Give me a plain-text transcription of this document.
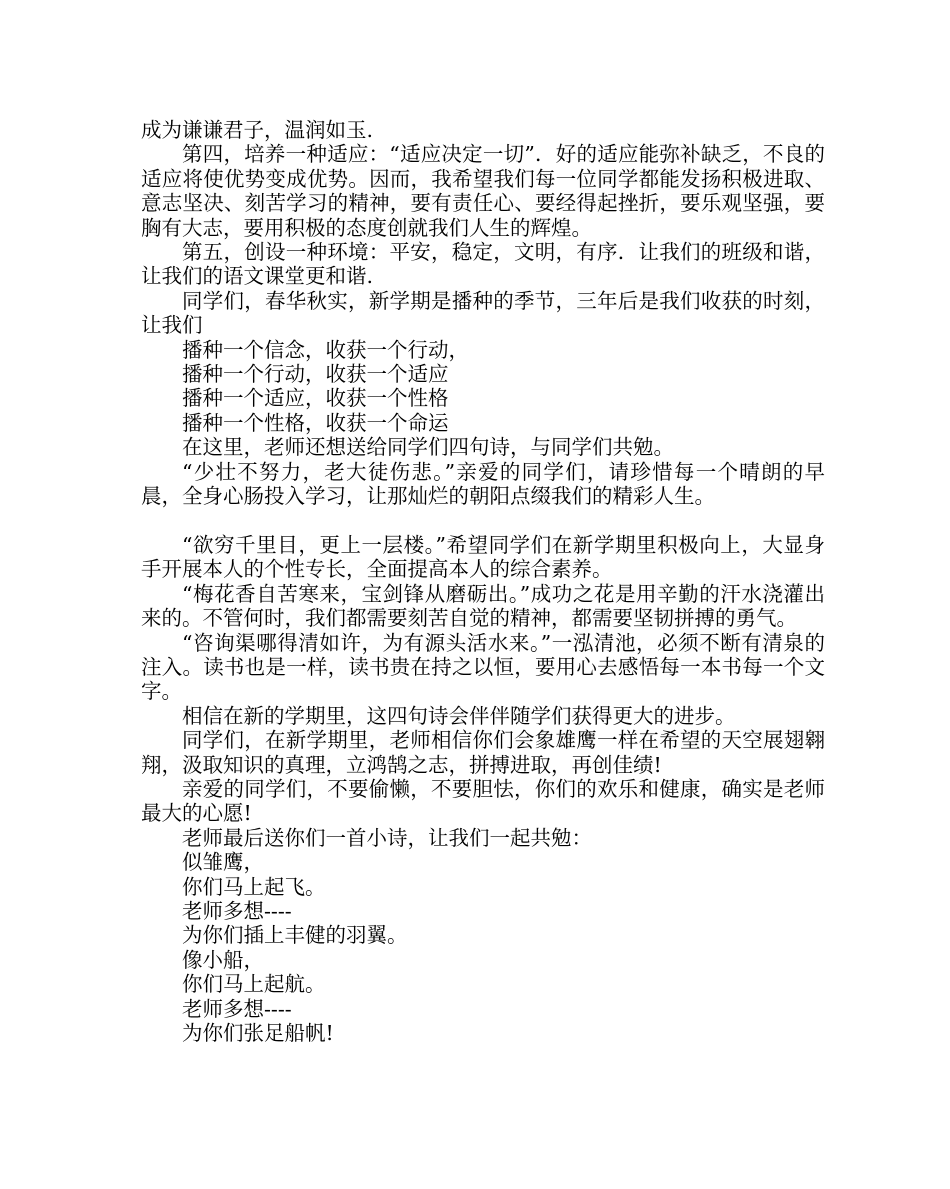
成为谦谦君子，温润如玉.

第四，培养一种适应：“适应决定一切”．好的适应能弥补缺乏，不良的适应将使优势变成优势。因而，我希望我们每一位同学都能发扬积极进取、意志坚决、刻苦学习的精神，要有责任心、要经得起挫折，要乐观坚强，要胸有大志，要用积极的态度创就我们人生的辉煌。

第五，创设一种环境：平安，稳定，文明，有序．让我们的班级和谐，让我们的语文课堂更和谐.

同学们，春华秋实，新学期是播种的季节，三年后是我们收获的时刻，让我们

播种一个信念，收获一个行动，

播种一个行动，收获一个适应

播种一个适应，收获一个性格

播种一个性格，收获一个命运

在这里，老师还想送给同学们四句诗，与同学们共勉。

“少壮不努力，老大徒伤悲。”亲爱的同学们，请珍惜每一个晴朗的早晨，全身心肠投入学习，让那灿烂的朝阳点缀我们的精彩人生。

“欲穷千里目，更上一层楼。”希望同学们在新学期里积极向上，大显身手开展本人的个性专长，全面提高本人的综合素养。

“梅花香自苦寒来，宝剑锋从磨砺出。”成功之花是用辛勤的汗水浇灌出来的。不管何时，我们都需要刻苦自觉的精神，都需要坚韧拼搏的勇气。

“咨询渠哪得清如许，为有源头活水来。”一泓清池，必须不断有清泉的注入。读书也是一样，读书贵在持之以恒，要用心去感悟每一本书每一个文字。

相信在新的学期里，这四句诗会伴伴随学们获得更大的进步。

同学们，在新学期里，老师相信你们会象雄鹰一样在希望的天空展翅翱翔，汲取知识的真理，立鸿鹄之志，拼搏进取，再创佳绩!

亲爱的同学们，不要偷懒，不要胆怯，你们的欢乐和健康，确实是老师最大的心愿!

老师最后送你们一首小诗，让我们一起共勉：

似雏鹰，

你们马上起飞。

老师多想----

为你们插上丰健的羽翼。

像小船，

你们马上起航。

老师多想----

为你们张足船帆!
